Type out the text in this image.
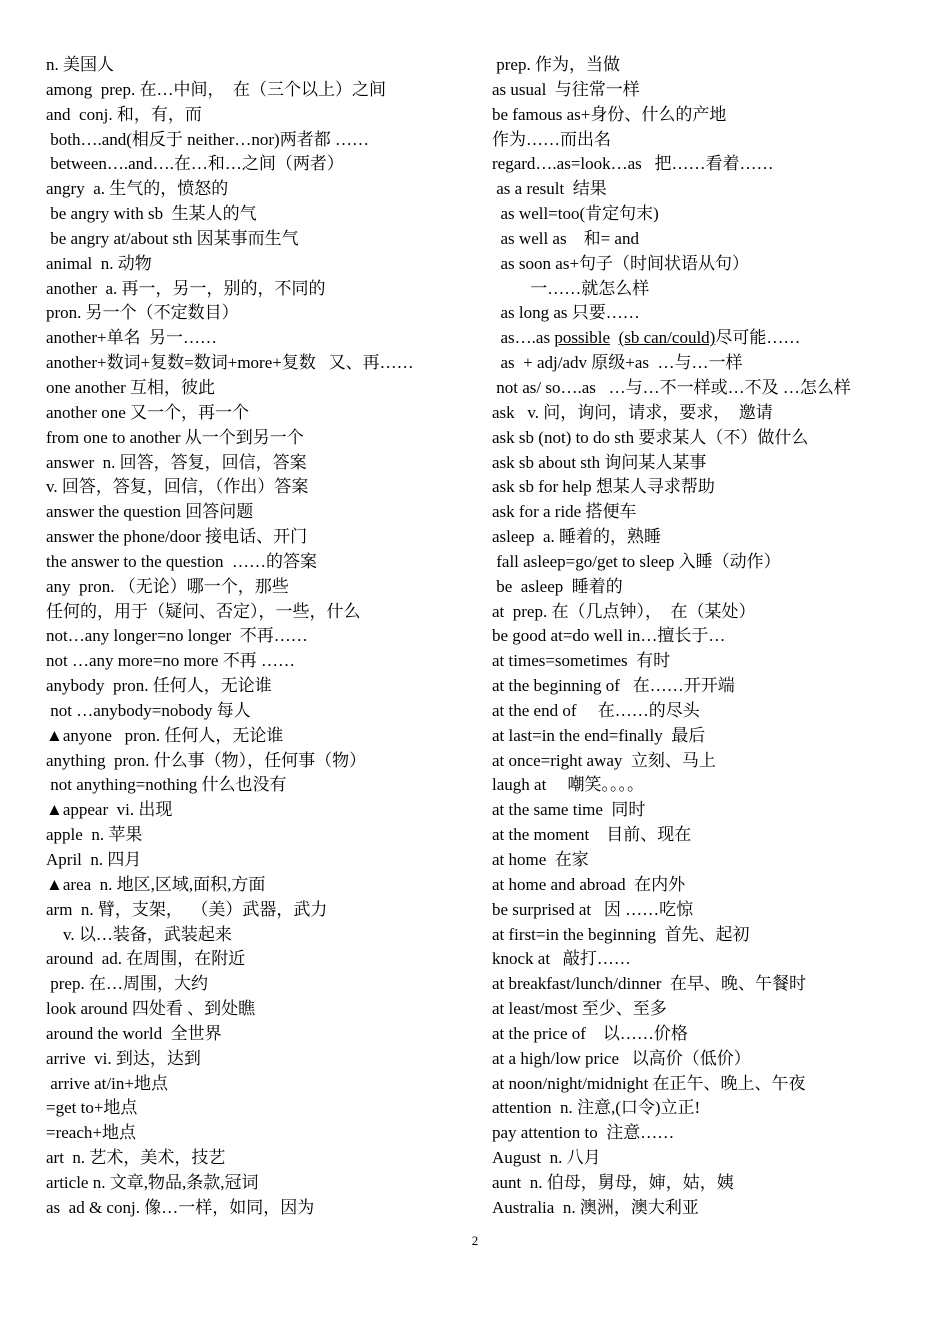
n. 美国人
among  prep. 在…中间，  在（三个以上）之间
and  conj. 和，有，而
both….and(相反于 neither…nor)两者都 ……
between….and….在…和…之间（两者）
angry  a. 生气的，愤怒的
be angry with sb  生某人的气
be angry at/about sth 因某事而生气
animal  n. 动物
another  a. 再一，另一，别的，不同的
pron. 另一个（不定数目）
another+单名  另一……
another+数词+复数=数词+more+复数   又、再……
one another 互相，彼此
another one 又一个，再一个
from one to another 从一个到另一个
answer  n. 回答，答复，回信，答案
v. 回答，答复，回信，（作出）答案
answer the question 回答问题
answer the phone/door 接电话、开门
the answer to the question  ……的答案
any  pron. （无论）哪一个，那些
任何的，用于（疑问、否定），一些，什么
not…any longer=no longer  不再……
not …any more=no more 不再 ……
anybody  pron. 任何人，无论谁
not …anybody=nobody 每人
▲anyone   pron. 任何人，无论谁
anything  pron. 什么事（物），任何事（物）
not anything=nothing 什么也没有
▲appear  vi. 出现
apple  n. 苹果
April  n. 四月
▲area  n. 地区,区域,面积,方面
arm  n. 臂，支架，  （美）武器，武力
v. 以…装备，武装起来
around  ad. 在周围，在附近
prep. 在…周围，大约
look around 四处看 、到处瞧
around the world  全世界
arrive  vi. 到达，达到
arrive at/in+地点
=get to+地点
=reach+地点
art  n. 艺术，美术，技艺
article n. 文章,物品,条款,冠词
as  ad & conj. 像…一样，如同，因为
prep. 作为，当做
as usual  与往常一样
be famous as+身份、什么的产地
作为……而出名
regard….as=look…as   把……看着……
as a result  结果
as well=too(肯定句末)
as well as    和= and
as soon as+句子（时间状语从句）
一……就怎么样
as long as 只要……
as….as possible (sb can/could)尽可能……
as  + adj/adv 原级+as  …与…一样
not as/ so….as   …与…不一样或…不及 …怎么样
ask   v. 问，询问，请求，要求，  邀请
ask sb (not) to do sth 要求某人（不）做什么
ask sb about sth 询问某人某事
ask sb for help 想某人寻求帮助
ask for a ride 搭便车
asleep  a. 睡着的，熟睡
fall asleep=go/get to sleep 入睡（动作）
be  asleep  睡着的
at  prep. 在（几点钟），  在（某处）
be good at=do well in…擅长于…
at times=sometimes  有时
at the beginning of   在……开开端
at the end of     在……的尽头
at last=in the end=finally  最后
at once=right away  立刻、马上
laugh at     嘲笑。。。。
at the same time  同时
at the moment    目前、现在
at home  在家
at home and abroad  在内外
be surprised at   因 ……吃惊
at first=in the beginning  首先、起初
knock at   敲打……
at breakfast/lunch/dinner  在早、晚、午餐时
at least/most 至少、至多
at the price of    以……价格
at a high/low price   以高价（低价）
at noon/night/midnight 在正午、晚上、午夜
attention  n. 注意,(口令)立正!
pay attention to  注意……
August  n. 八月
aunt  n. 伯母，舅母，婶，姑，姨
Australia  n. 澳洲，澳大利亚
2
